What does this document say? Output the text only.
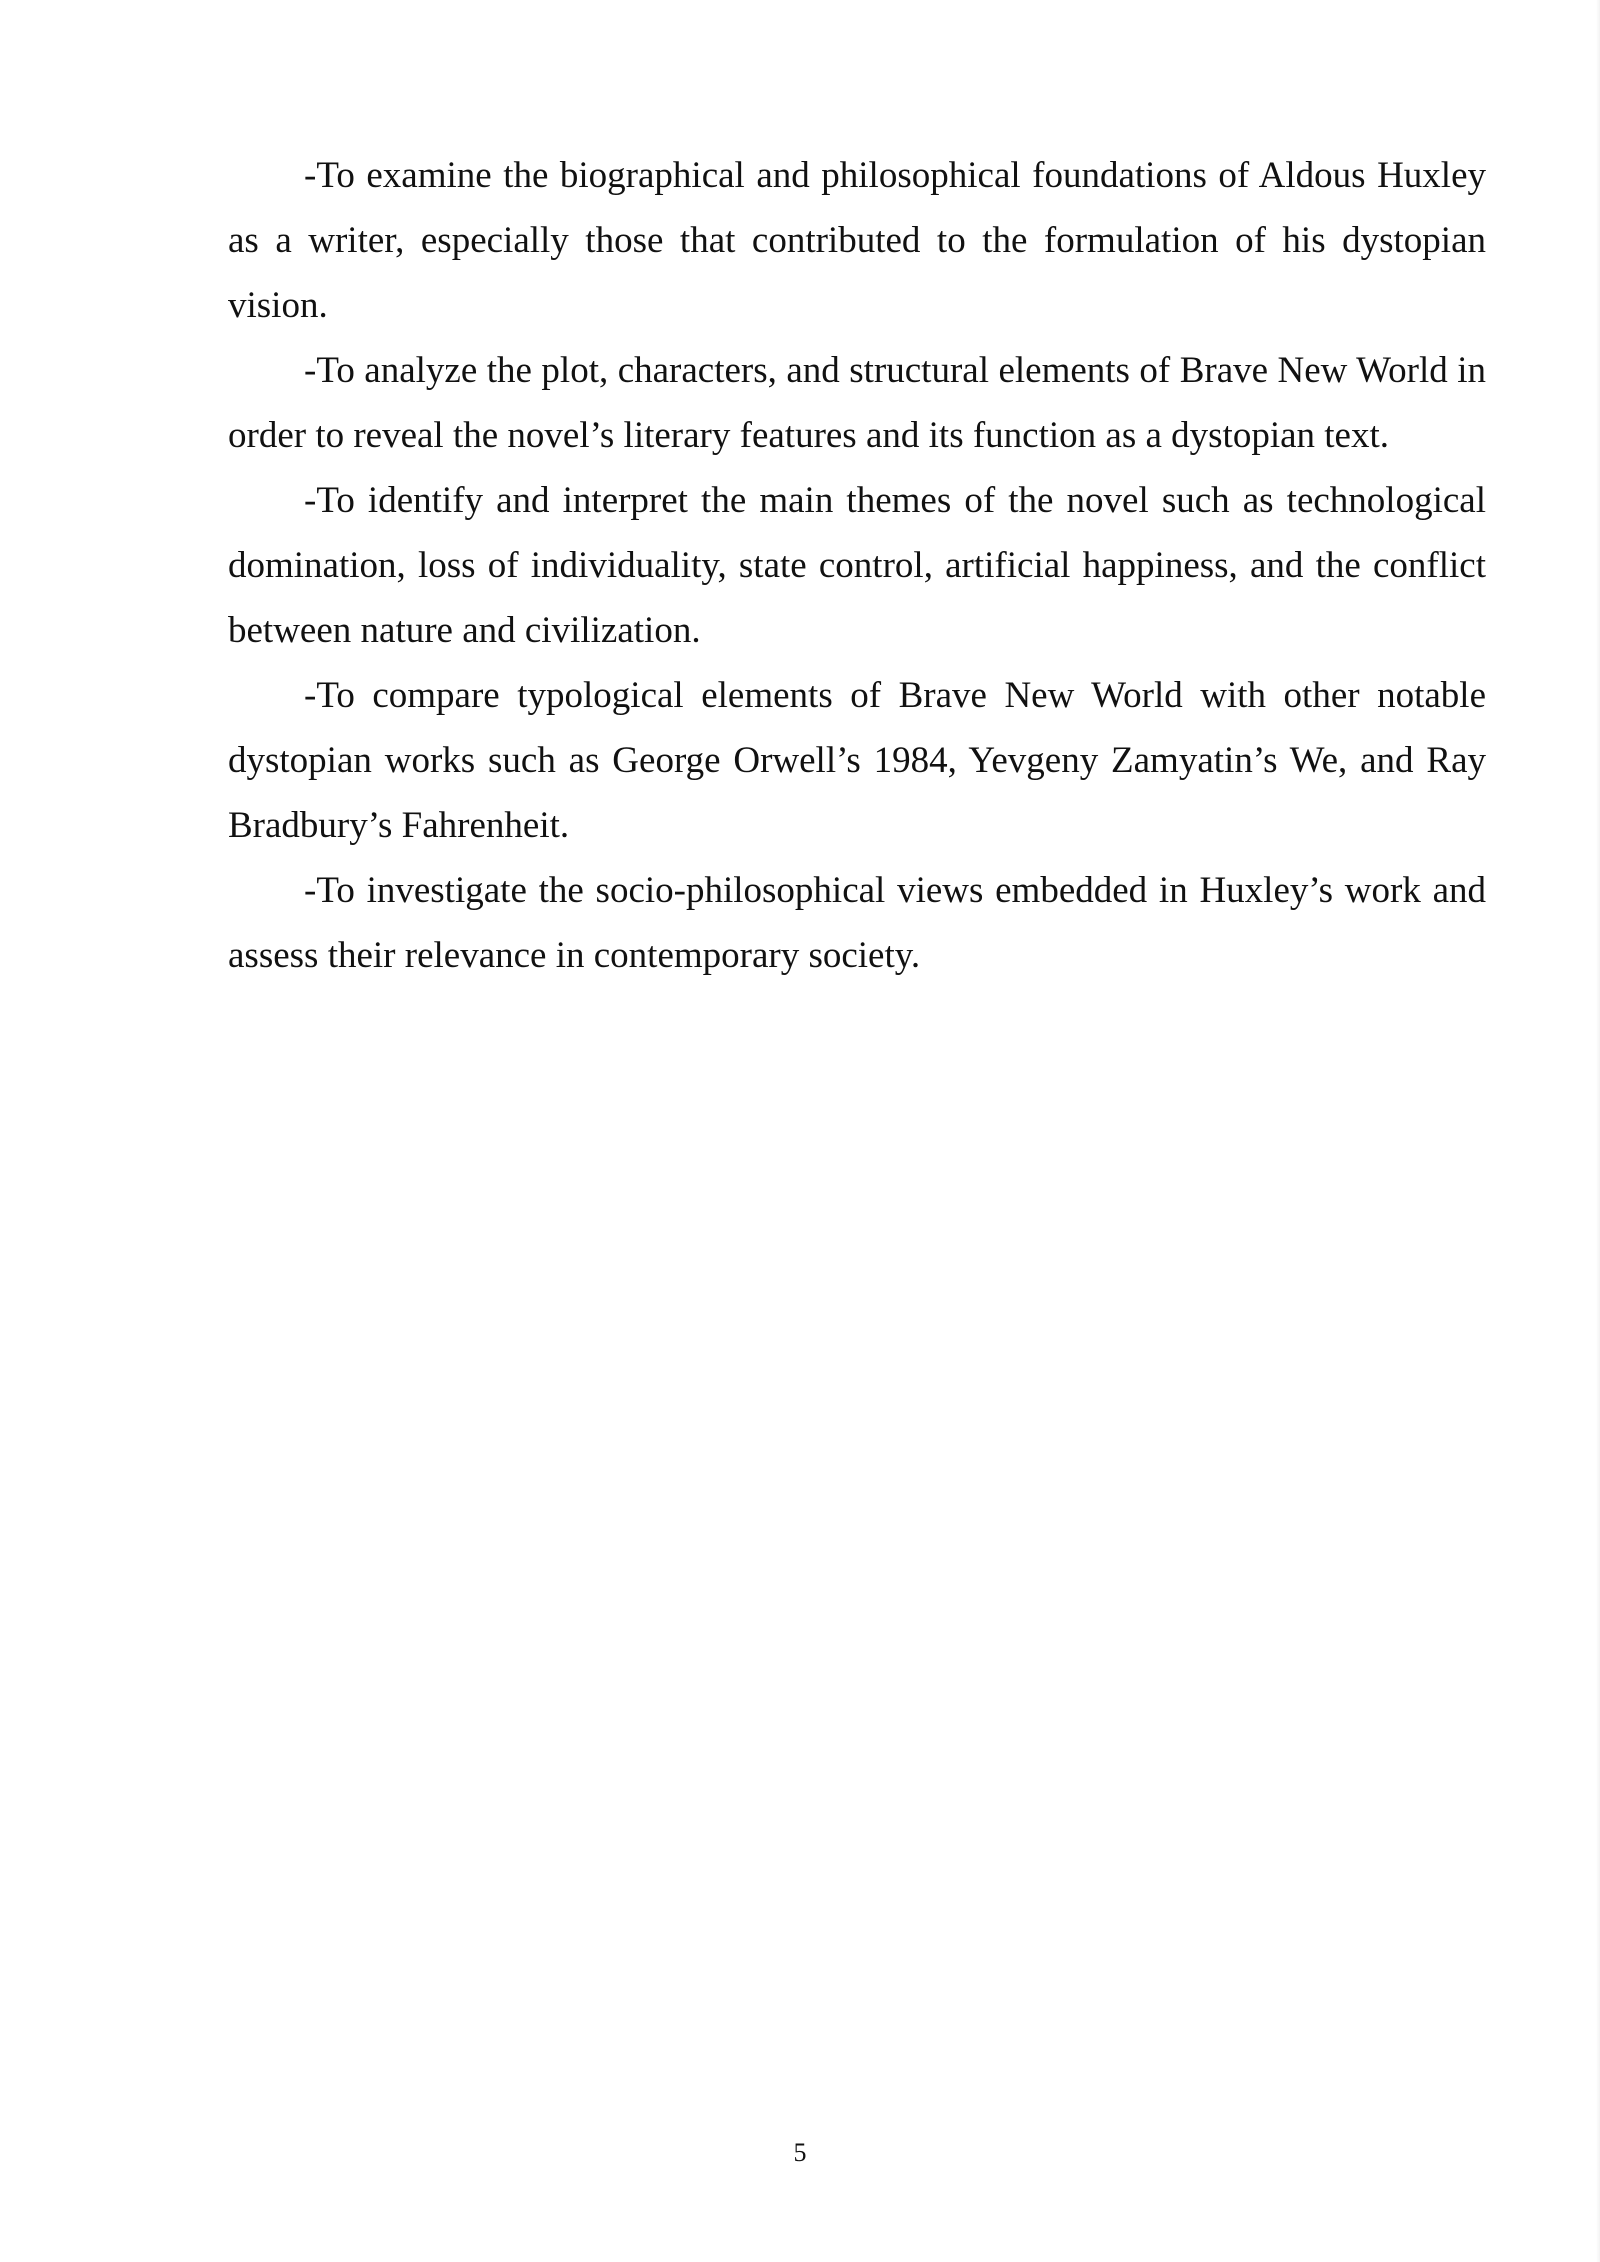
-To examine the biographical and philosophical foundations of Aldous Huxley as a writer, especially those that contributed to the formulation of his dystopian vision.

-To analyze the plot, characters, and structural elements of Brave New World in order to reveal the novel’s literary features and its function as a dystopian text.

-To identify and interpret the main themes of the novel such as technological domination, loss of individuality, state control, artificial happiness, and the conflict between nature and civilization.

-To compare typological elements of Brave New World with other notable dystopian works such as George Orwell’s 1984, Yevgeny Zamyatin’s We, and Ray Bradbury’s Fahrenheit.

-To investigate the socio-philosophical views embedded in Huxley’s work and assess their relevance in contemporary society.

5
